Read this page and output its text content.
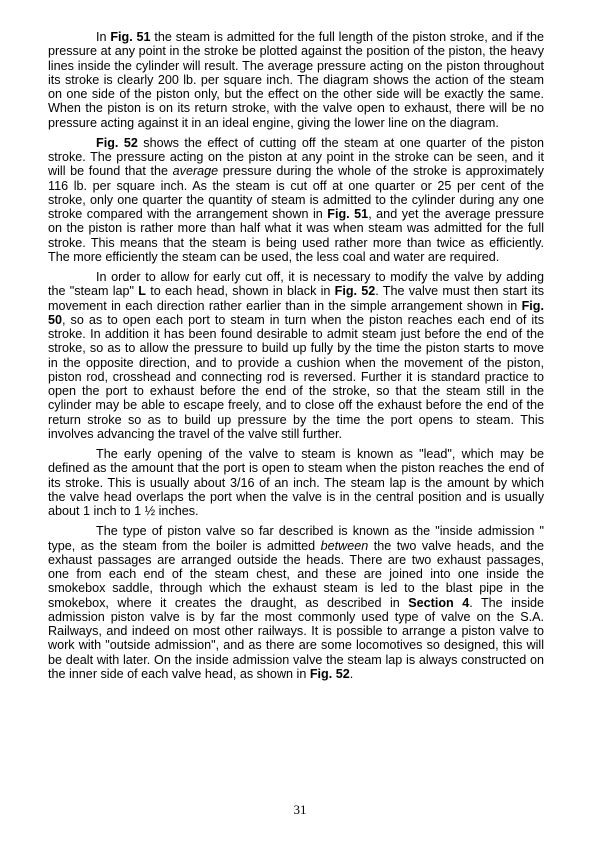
In Fig. 51 the steam is admitted for the full length of the piston stroke, and if the pressure at any point in the stroke be plotted against the position of the piston, the heavy lines inside the cylinder will result. The average pressure acting on the piston throughout its stroke is clearly 200 lb. per square inch. The diagram shows the action of the steam on one side of the piston only, but the effect on the other side will be exactly the same. When the piston is on its return stroke, with the valve open to exhaust, there will be no pressure acting against it in an ideal engine, giving the lower line on the diagram.

Fig. 52 shows the effect of cutting off the steam at one quarter of the piston stroke. The pressure acting on the piston at any point in the stroke can be seen, and it will be found that the average pressure during the whole of the stroke is approximately 116 lb. per square inch. As the steam is cut off at one quarter or 25 per cent of the stroke, only one quarter the quantity of steam is admitted to the cylinder during any one stroke compared with the arrangement shown in Fig. 51, and yet the average pressure on the piston is rather more than half what it was when steam was admitted for the full stroke. This means that the steam is being used rather more than twice as efficiently. The more efficiently the steam can be used, the less coal and water are required.

In order to allow for early cut off, it is necessary to modify the valve by adding the "steam lap" L to each head, shown in black in Fig. 52. The valve must then start its movement in each direction rather earlier than in the simple arrangement shown in Fig. 50, so as to open each port to steam in turn when the piston reaches each end of its stroke. In addition it has been found desirable to admit steam just before the end of the stroke, so as to allow the pressure to build up fully by the time the piston starts to move in the opposite direction, and to provide a cushion when the movement of the piston, piston rod, crosshead and connecting rod is reversed. Further it is standard practice to open the port to exhaust before the end of the stroke, so that the steam still in the cylinder may be able to escape freely, and to close off the exhaust before the end of the return stroke so as to build up pressure by the time the port opens to steam. This involves advancing the travel of the valve still further.

The early opening of the valve to steam is known as "lead", which may be defined as the amount that the port is open to steam when the piston reaches the end of its stroke. This is usually about 3/16 of an inch. The steam lap is the amount by which the valve head overlaps the port when the valve is in the central position and is usually about 1 inch to 1 ½ inches.

The type of piston valve so far described is known as the "inside admission " type, as the steam from the boiler is admitted between the two valve heads, and the exhaust passages are arranged outside the heads. There are two exhaust passages, one from each end of the steam chest, and these are joined into one inside the smokebox saddle, through which the exhaust steam is led to the blast pipe in the smokebox, where it creates the draught, as described in Section 4. The inside admission piston valve is by far the most commonly used type of valve on the S.A. Railways, and indeed on most other railways. It is possible to arrange a piston valve to work with "outside admission", and as there are some locomotives so designed, this will be dealt with later. On the inside admission valve the steam lap is always constructed on the inner side of each valve head, as shown in Fig. 52.

31
